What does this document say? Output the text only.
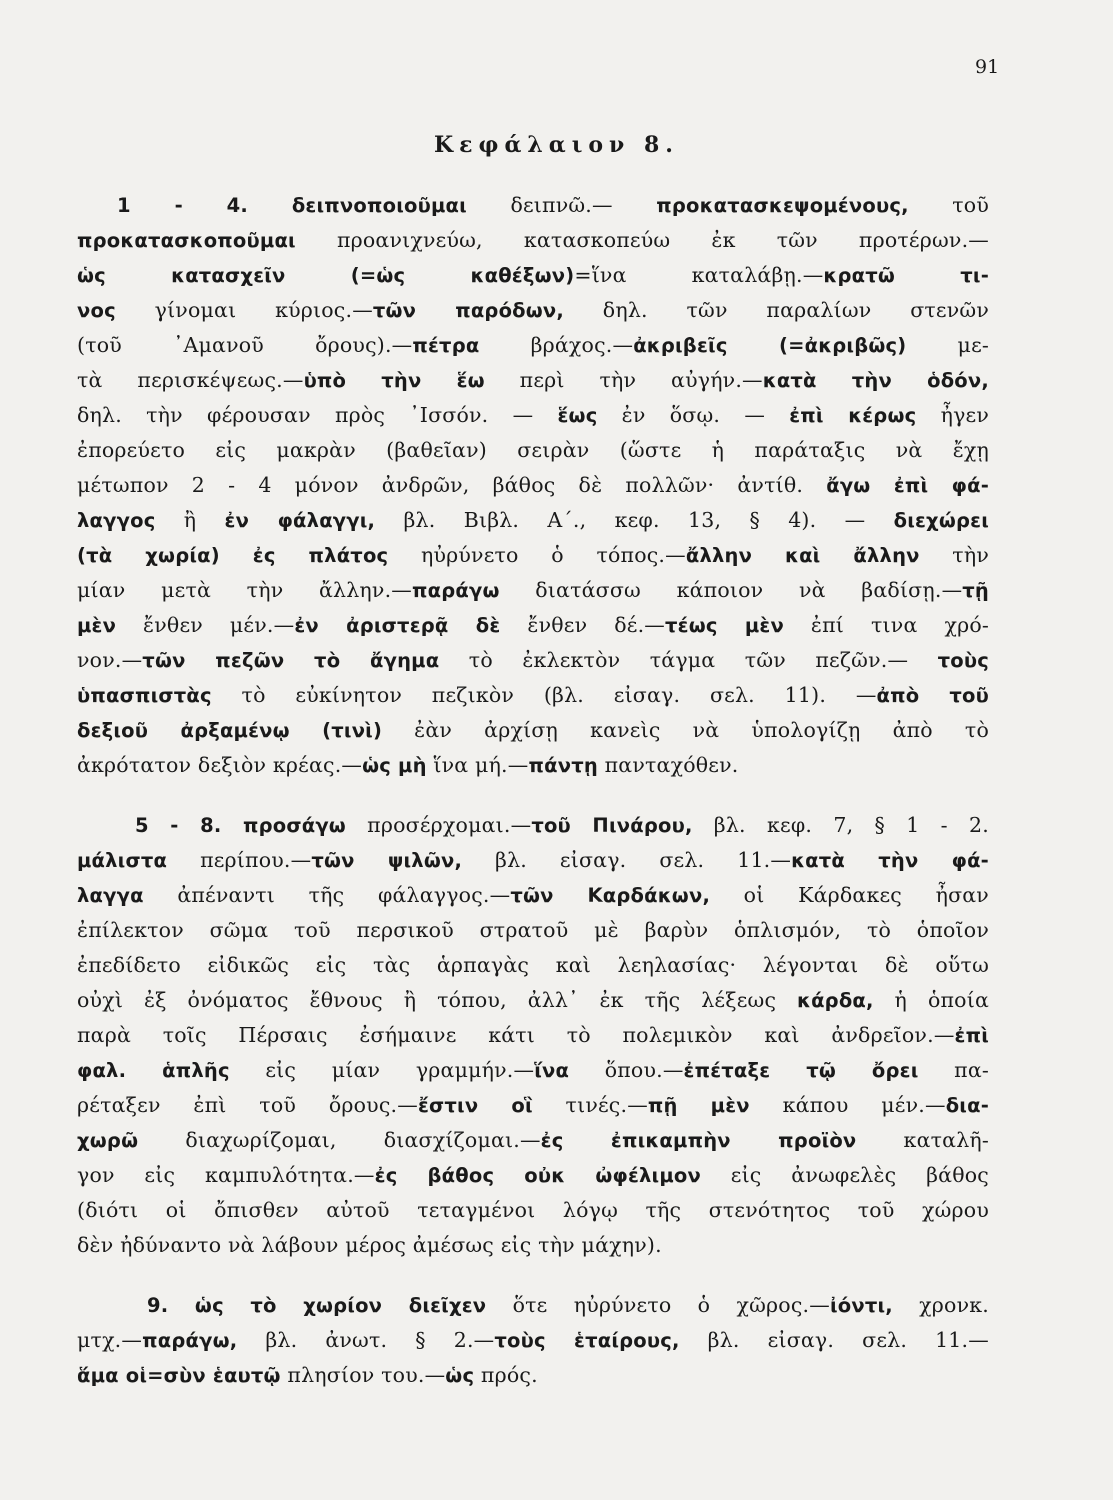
91
Κεφάλαιον 8.
1 - 4. δειπνοποιοῦμαι δειπνῶ.— προκατασκεψομένους, τοῦ
προκατασκοποῦμαι προανιχνεύω, κατασκοπεύω ἐκ τῶν προτέρων.—
ὡς κατασχεῖν (=ὡς καθέξων)=ἵνα καταλάβῃ.—κρατῶ τι-
νος γίνομαι κύριος.—τῶν παρόδων, δηλ. τῶν παραλίων στενῶν
(τοῦ ᾿Αμανοῦ ὄρους).—πέτρα βράχος.—ἀκριβεῖς (=ἀκριβῶς) με-
τὰ περισκέψεως.—ὑπὸ τὴν ἕω περὶ τὴν αὐγήν.—κατὰ τὴν ὁδόν,
δηλ. τὴν φέρουσαν πρὸς ᾿Ισσόν. — ἕως ἐν ὅσῳ. — ἐπὶ κέρως ἦγεν
ἐπορεύετο εἰς μακρὰν (βαθεῖαν) σειρὰν (ὥστε ἡ παράταξις νὰ ἔχῃ
μέτωπον 2 - 4 μόνον ἀνδρῶν, βάθος δὲ πολλῶν· ἀντίθ. ἄγω ἐπὶ φά-
λαγγος ἢ ἐν φάλαγγι, βλ. Βιβλ. Α΄., κεφ. 13, § 4). — διεχώρει
(τὰ χωρία) ἐς πλάτος ηὐρύνετο ὁ τόπος.—ἄλλην καὶ ἄλλην τὴν
μίαν μετὰ τὴν ἄλλην.—παράγω διατάσσω κάποιον νὰ βαδίσῃ.—τῇ
μὲν ἔνθεν μέν.—ἐν ἀριστερᾷ δὲ ἔνθεν δέ.—τέως μὲν ἐπί τινα χρό-
νον.—τῶν πεζῶν τὸ ἄγημα τὸ ἐκλεκτὸν τάγμα τῶν πεζῶν.— τοὺς
ὑπασπιστὰς τὸ εὐκίνητον πεζικὸν (βλ. εἰσαγ. σελ. 11). —ἀπὸ τοῦ
δεξιοῦ ἀρξαμένῳ (τινὶ) ἐὰν ἀρχίσῃ κανεὶς νὰ ὑπολογίζῃ ἀπὸ τὸ
ἀκρότατον δεξιὸν κρέας.—ὡς μὴ ἵνα μή.—πάντῃ πανταχόθεν.
5 - 8. προσάγω προσέρχομαι.—τοῦ Πινάρου, βλ. κεφ. 7, § 1 - 2.
μάλιστα περίπου.—τῶν ψιλῶν, βλ. εἰσαγ. σελ. 11.—κατὰ τὴν φά-
λαγγα ἀπέναντι τῆς φάλαγγος.—τῶν Καρδάκων, οἱ Κάρδακες ἦσαν
ἐπίλεκτον σῶμα τοῦ περσικοῦ στρατοῦ μὲ βαρὺν ὁπλισμόν, τὸ ὁποῖον
ἐπεδίδετο εἰδικῶς εἰς τὰς ἁρπαγὰς καὶ λεηλασίας· λέγονται δὲ οὕτω
οὐχὶ ἐξ ὀνόματος ἔθνους ἢ τόπου, ἀλλ᾿ ἐκ τῆς λέξεως κάρδα, ἡ ὁποία
παρὰ τοῖς Πέρσαις ἐσήμαινε κάτι τὸ πολεμικὸν καὶ ἀνδρεῖον.—ἐπὶ
φαλ. ἁπλῆς εἰς μίαν γραμμήν.—ἵνα ὅπου.—ἐπέταξε τῷ ὄρει πα-
ρέταξεν ἐπὶ τοῦ ὄρους.—ἔστιν οἳ τινές.—πῇ μὲν κάπου μέν.—δια-
χωρῶ διαχωρίζομαι, διασχίζομαι.—ἐς ἐπικαμπὴν προϊὸν καταλῆ-
γον εἰς καμπυλότητα.—ἐς βάθος οὐκ ὠφέλιμον εἰς ἀνωφελὲς βάθος
(διότι οἱ ὄπισθεν αὐτοῦ τεταγμένοι λόγῳ τῆς στενότητος τοῦ χώρου
δὲν ἠδύναντο νὰ λάβουν μέρος ἀμέσως εἰς τὴν μάχην).
9. ὡς τὸ χωρίον διεῖχεν ὅτε ηὐρύνετο ὁ χῶρος.—ἰόντι, χρονκ.
μτχ.—παράγω, βλ. ἀνωτ. § 2.—τοὺς ἑταίρους, βλ. εἰσαγ. σελ. 11.—
ἅμα οἱ=σὺν ἑαυτῷ πλησίον του.—ὡς πρός.
